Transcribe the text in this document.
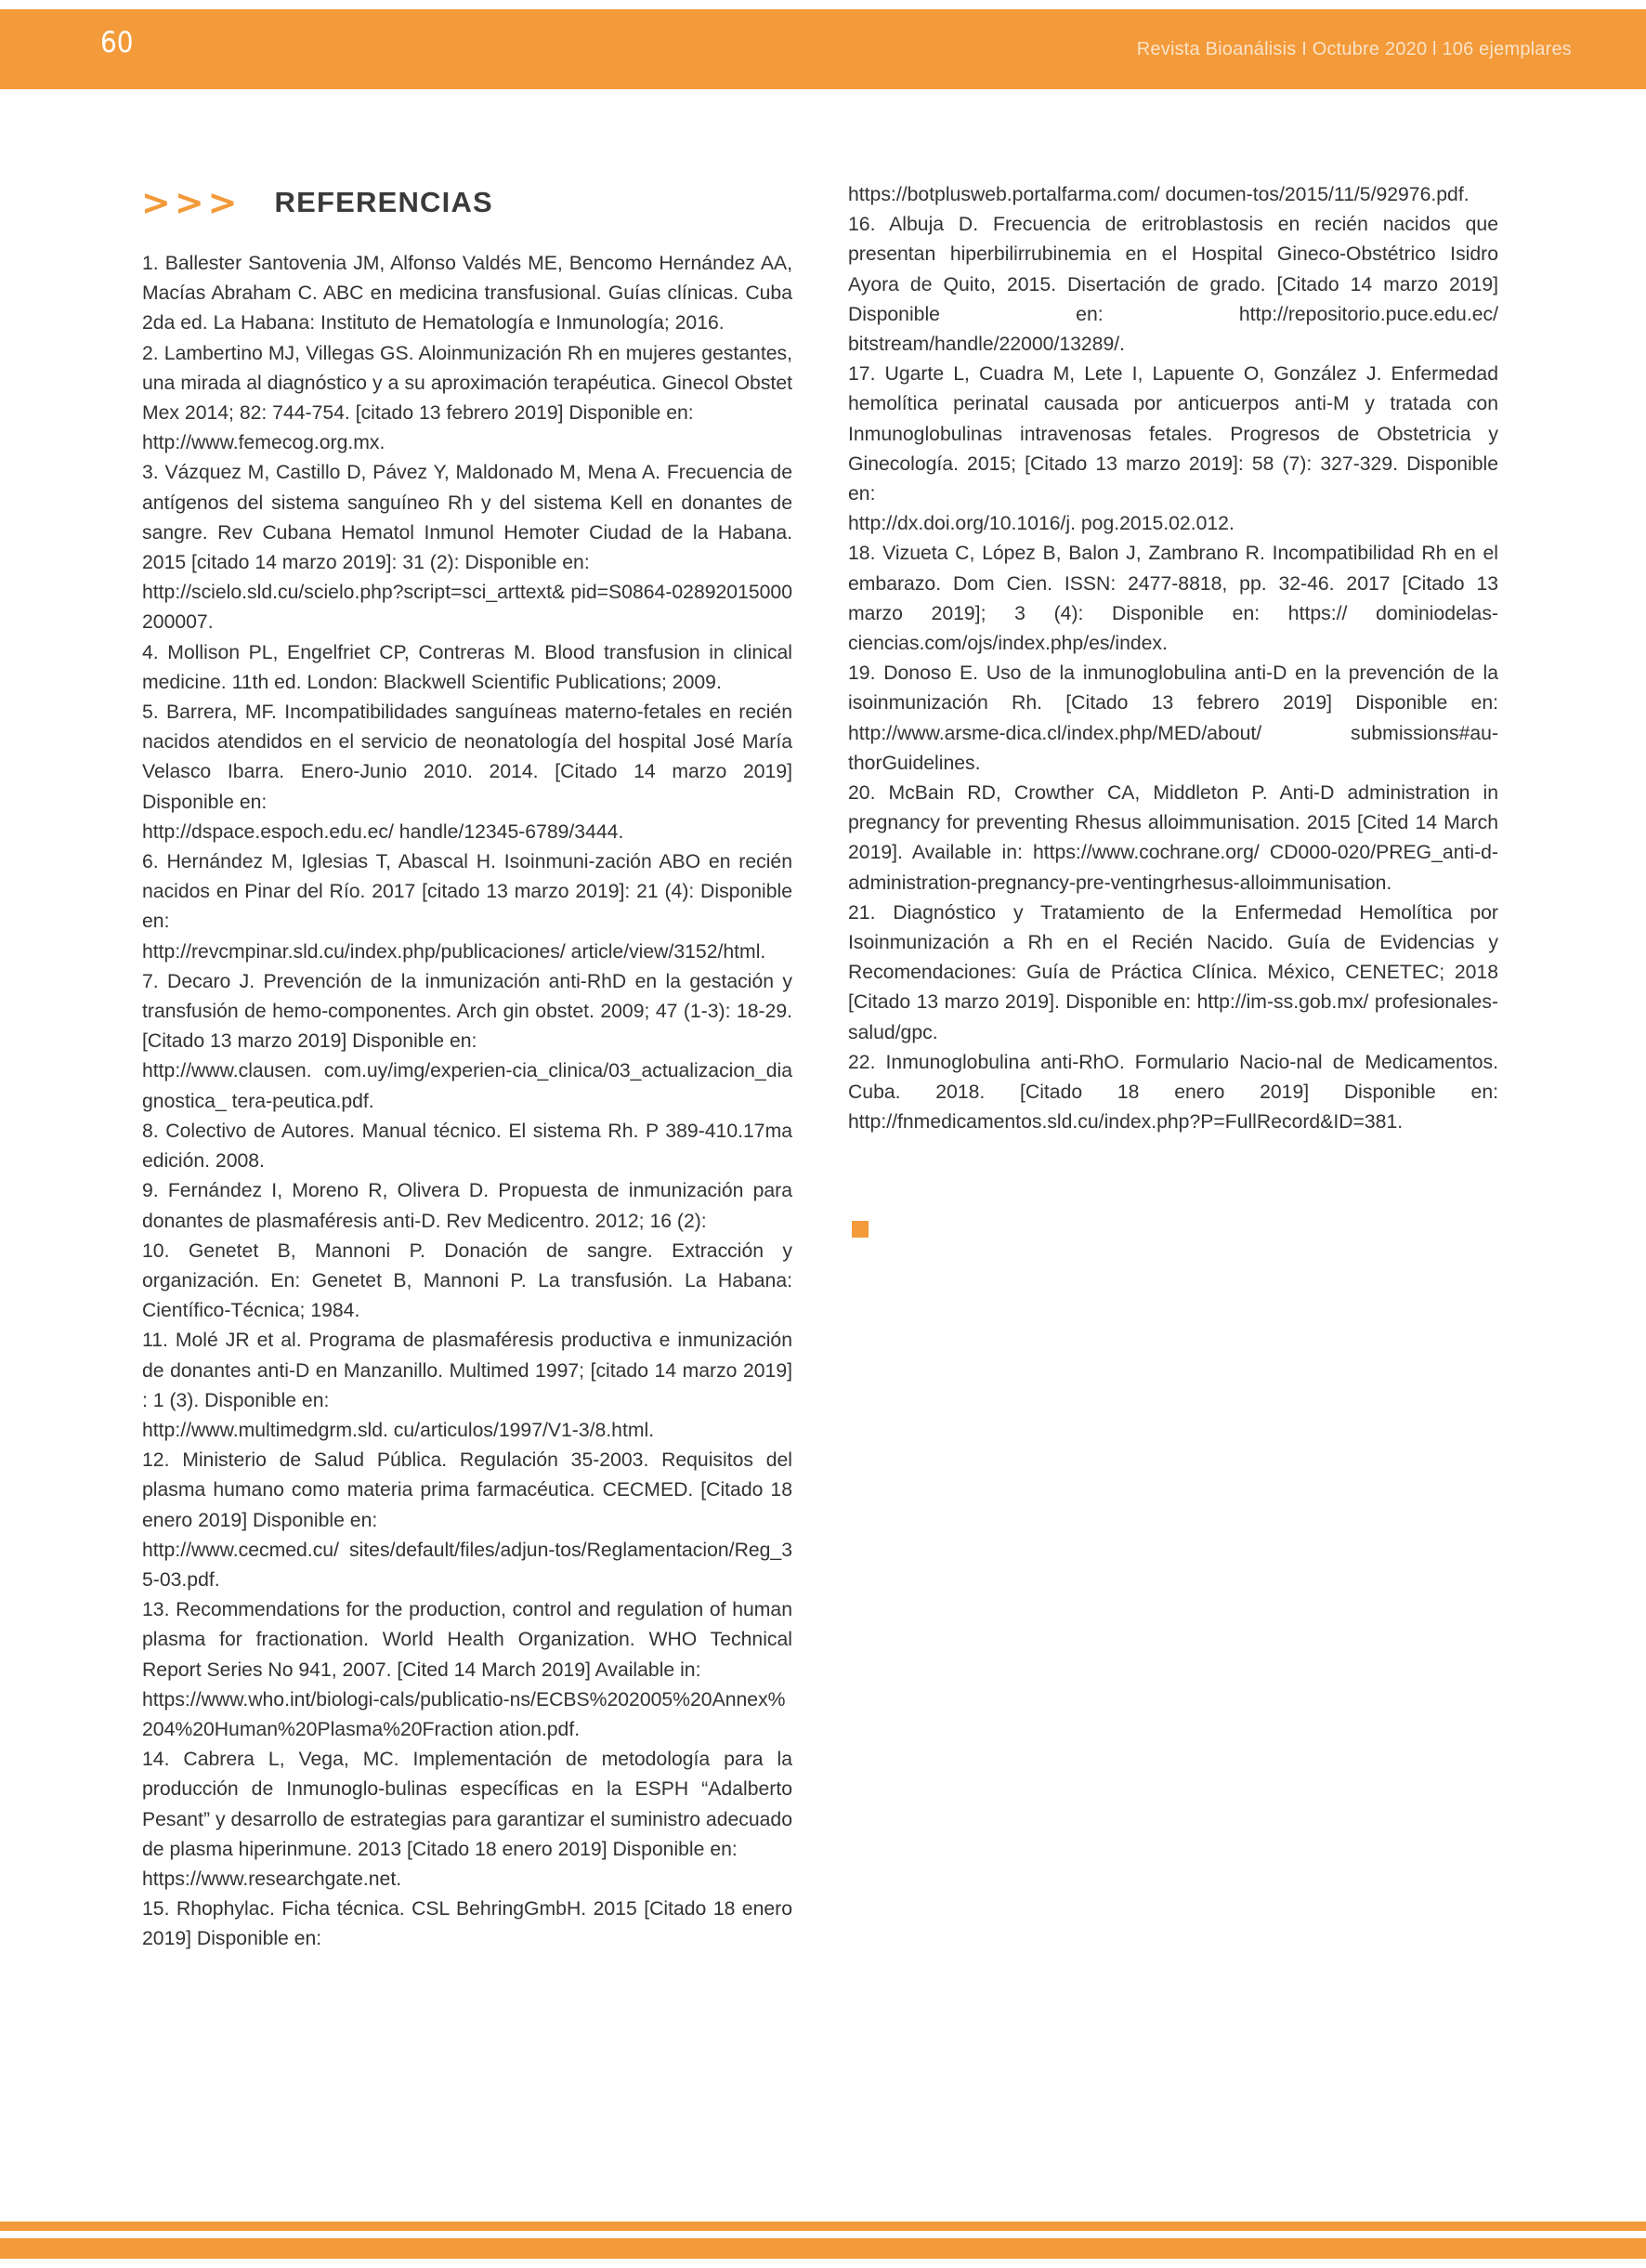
60	Revista Bioanálisis I Octubre 2020 l 106 ejemplares
>>> REFERENCIAS

1. Ballester Santovenia JM, Alfonso Valdés ME, Bencomo Hernández AA, Macías Abraham C. ABC en medicina transfusional. Guías clínicas. Cuba 2da ed. La Habana: Instituto de Hematología e Inmunología; 2016.

2. Lambertino MJ, Villegas GS. Aloinmunización Rh en mujeres gestantes, una mirada al diagnóstico y a su aproximación terapéutica. Ginecol Obstet Mex 2014; 82: 744-754. [citado 13 febrero 2019] Disponible en:

http://www.femecog.org.mx.

3. Vázquez M, Castillo D, Pávez Y, Maldonado M, Mena A. Frecuencia de antígenos del sistema sanguíneo Rh y del sistema Kell en donantes de sangre. Rev Cubana Hematol Inmunol Hemoter Ciudad de la Habana. 2015 [citado 14 marzo 2019]: 31 (2): Disponible en:

http://scielo.sld.cu/scielo.php?script=sci_arttext& pid=S0864-02892015000200007.

4. Mollison PL, Engelfriet CP, Contreras M. Blood transfusion in clinical medicine. 11th ed. London: Blackwell Scientific Publications; 2009.

5. Barrera, MF. Incompatibilidades sanguíneas materno-fetales en recién nacidos atendidos en el servicio de neonatología del hospital José María Velasco Ibarra. Enero-Junio 2010. 2014. [Citado 14 marzo 2019] Disponible en:

http://dspace.espoch.edu.ec/ handle/12345-6789/3444.

6. Hernández M, Iglesias T, Abascal H. Isoinmuni-zación ABO en recién nacidos en Pinar del Río. 2017 [citado 13 marzo 2019]: 21 (4): Disponible en:

http://revcmpinar.sld.cu/index.php/publicaciones/ article/view/3152/html.

7. Decaro J. Prevención de la inmunización anti-RhD en la gestación y transfusión de hemo-componentes. Arch gin obstet. 2009; 47 (1-3): 18-29. [Citado 13 marzo 2019] Disponible en:

http://www.clausen. com.uy/img/experien-cia_clinica/03_actualizacion_diagnostica_ tera-peutica.pdf.

8. Colectivo de Autores. Manual técnico. El sistema Rh. P 389-410.17ma edición. 2008.

9. Fernández I, Moreno R, Olivera D. Propuesta de inmunización para donantes de plasmaféresis anti-D. Rev Medicentro. 2012; 16 (2):

10. Genetet B, Mannoni P. Donación de sangre. Extracción y organización. En: Genetet B, Mannoni P. La transfusión. La Habana: Científico-Técnica; 1984.

11. Molé JR et al. Programa de plasmaféresis productiva e inmunización de donantes anti-D en Manzanillo. Multimed 1997; [citado 14 marzo 2019] : 1 (3). Disponible en:

http://www.multimedgrm.sld. cu/articulos/1997/V1-3/8.html.

12. Ministerio de Salud Pública. Regulación 35-2003. Requisitos del plasma humano como materia prima farmacéutica. CECMED. [Citado 18 enero 2019] Disponible en:

http://www.cecmed.cu/ sites/default/files/adjun-tos/Reglamentacion/Reg_35-03.pdf.

13. Recommendations for the production, control and regulation of human plasma for fractionation. World Health Organization. WHO Technical Report Series No 941, 2007. [Cited 14 March 2019] Available in:

https://www.who.int/biologi-cals/publicatio-ns/ECBS%202005%20Annex%204%20Human%20Plasma%20Fraction ation.pdf.

14. Cabrera L, Vega, MC. Implementación de metodología para la producción de Inmunoglo-bulinas específicas en la ESPH “Adalberto Pesant” y desarrollo de estrategias para garantizar el suministro adecuado de plasma hiperinmune. 2013 [Citado 18 enero 2019] Disponible en:

https://www.researchgate.net.

15. Rhophylac. Ficha técnica. CSL BehringGmbH. 2015 [Citado 18 enero 2019] Disponible en:

https://botplusweb.portalfarma.com/ documen-tos/2015/11/5/92976.pdf.

16. Albuja D. Frecuencia de eritroblastosis en recién nacidos que presentan hiperbilirrubinemia en el Hospital Gineco-Obstétrico Isidro Ayora de Quito, 2015. Disertación de grado. [Citado 14 marzo 2019] Disponible en: http://repositorio.puce.edu.ec/ bitstream/handle/22000/13289/.

17. Ugarte L, Cuadra M, Lete I, Lapuente O, González J. Enfermedad hemolítica perinatal causada por anticuerpos anti-M y tratada con Inmunoglobulinas intravenosas fetales. Progresos de Obstetricia y Ginecología. 2015; [Citado 13 marzo 2019]: 58 (7): 327-329. Disponible en:

http://dx.doi.org/10.1016/j. pog.2015.02.012.

18. Vizueta C, López B, Balon J, Zambrano R. Incompatibilidad Rh en el embarazo. Dom Cien. ISSN: 2477-8818, pp. 32-46. 2017 [Citado 13 marzo 2019]; 3 (4): Disponible en: https:// dominiodelas-ciencias.com/ojs/index.php/es/index.

19. Donoso E. Uso de la inmunoglobulina anti-D en la prevención de la isoinmunización Rh. [Citado 13 febrero 2019] Disponible en: http://www.arsme-dica.cl/index.php/MED/about/ submissions#au-thorGuidelines.

20. McBain RD, Crowther CA, Middleton P. Anti-D administration in pregnancy for preventing Rhesus alloimmunisation. 2015 [Cited 14 March 2019]. Available in: https://www.cochrane.org/ CD000-020/PREG_anti-d-administration-pregnancy-pre-ventingrhesus-alloimmunisation.

21. Diagnóstico y Tratamiento de la Enfermedad Hemolítica por Isoinmunización a Rh en el Recién Nacido. Guía de Evidencias y Recomendaciones: Guía de Práctica Clínica. México, CENETEC; 2018 [Citado 13 marzo 2019]. Disponible en: http://im-ss.gob.mx/ profesionales-salud/gpc.

22. Inmunoglobulina anti-RhO. Formulario Nacio-nal de Medicamentos. Cuba. 2018. [Citado 18 enero 2019] Disponible en: http://fnmedicamentos.sld.cu/index.php?P=FullRecord&ID=381.
